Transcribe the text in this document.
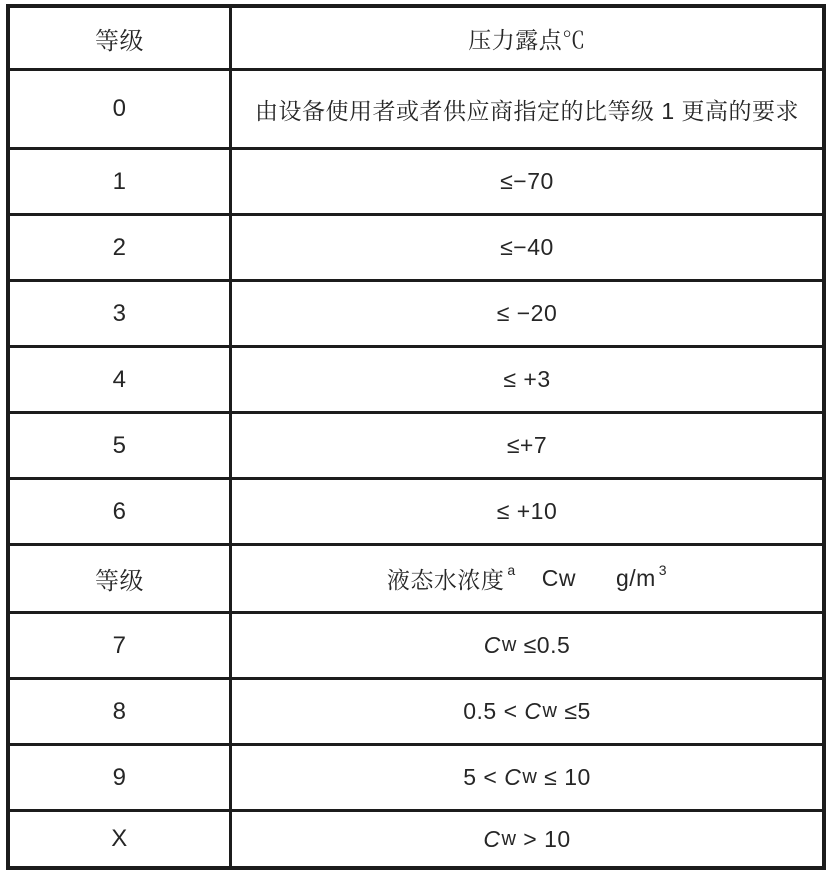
等级	压力露点℃
0	由设备使用者或者供应商指定的比等级 1 更高的要求
1	≤−70
2	≤−40
3	≤ −20
4	≤ +3
5	≤+7
6	≤ +10
等级	液态水浓度$^a$ Cw g/m$^3$
7	C w ≤0.5
8	0.5 < C w ≤5
9	5 < C w ≤ 10
X	C w > 10
